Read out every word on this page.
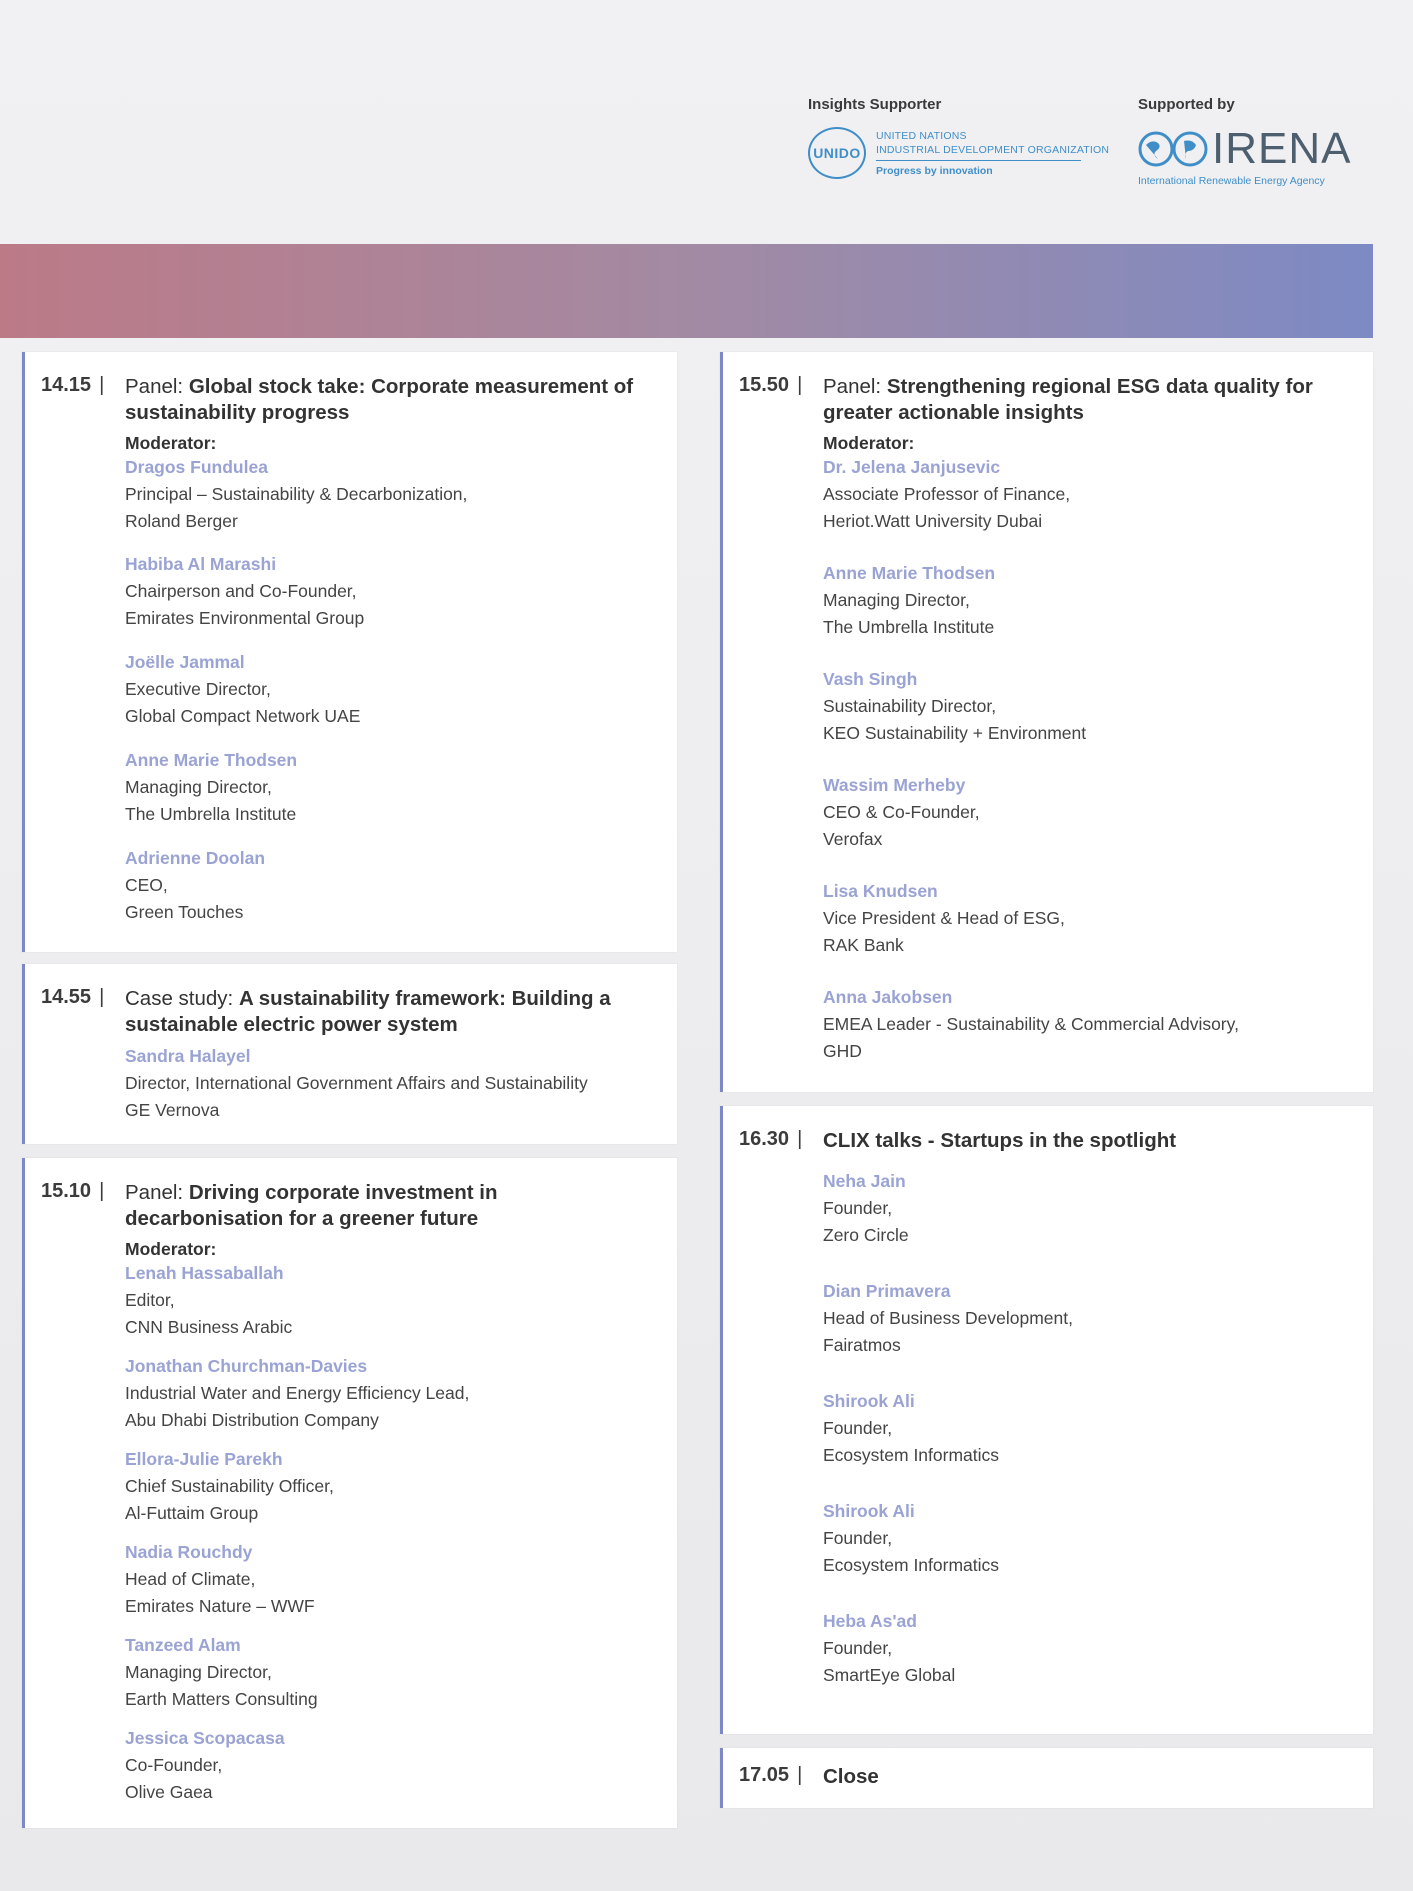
Insights Supporter
UNIDO
UNITED NATIONS
INDUSTRIAL DEVELOPMENT ORGANIZATION
Progress by innovation
Supported by
IRENA
International Renewable Energy Agency
14.15 |	Panel: Global stock take: Corporate measurement of sustainability progress
Moderator:
Dragos Fundulea
Principal – Sustainability & Decarbonization,
Roland Berger
Habiba Al Marashi
Chairperson and Co-Founder,
Emirates Environmental Group
Joëlle Jammal
Executive Director,
Global Compact Network UAE
Anne Marie Thodsen
Managing Director,
The Umbrella Institute
Adrienne Doolan
CEO,
Green Touches
14.55 |	Case study: A sustainability framework: Building a sustainable electric power system
Sandra Halayel
Director, International Government Affairs and Sustainability
GE Vernova
15.10 |	Panel: Driving corporate investment in decarbonisation for a greener future
Moderator:
Lenah Hassaballah
Editor,
CNN Business Arabic
Jonathan Churchman-Davies
Industrial Water and Energy Efficiency Lead,
Abu Dhabi Distribution Company
Ellora-Julie Parekh
Chief Sustainability Officer,
Al-Futtaim Group
Nadia Rouchdy
Head of Climate,
Emirates Nature – WWF
Tanzeed Alam
Managing Director,
Earth Matters Consulting
Jessica Scopacasa
Co-Founder,
Olive Gaea
15.50 |	Panel: Strengthening regional ESG data quality for greater actionable insights
Moderator:
Dr. Jelena Janjusevic
Associate Professor of Finance,
Heriot.Watt University Dubai
Anne Marie Thodsen
Managing Director,
The Umbrella Institute
Vash Singh
Sustainability Director,
KEO Sustainability + Environment
Wassim Merheby
CEO & Co-Founder,
Verofax
Lisa Knudsen
Vice President & Head of ESG,
RAK Bank
Anna Jakobsen
EMEA Leader - Sustainability & Commercial Advisory,
GHD
16.30 |	CLIX talks - Startups in the spotlight
Neha Jain
Founder,
Zero Circle
Dian Primavera
Head of Business Development,
Fairatmos
Shirook Ali
Founder,
Ecosystem Informatics
Shirook Ali
Founder,
Ecosystem Informatics
Heba As'ad
Founder,
SmartEye Global
17.05 |	Close
